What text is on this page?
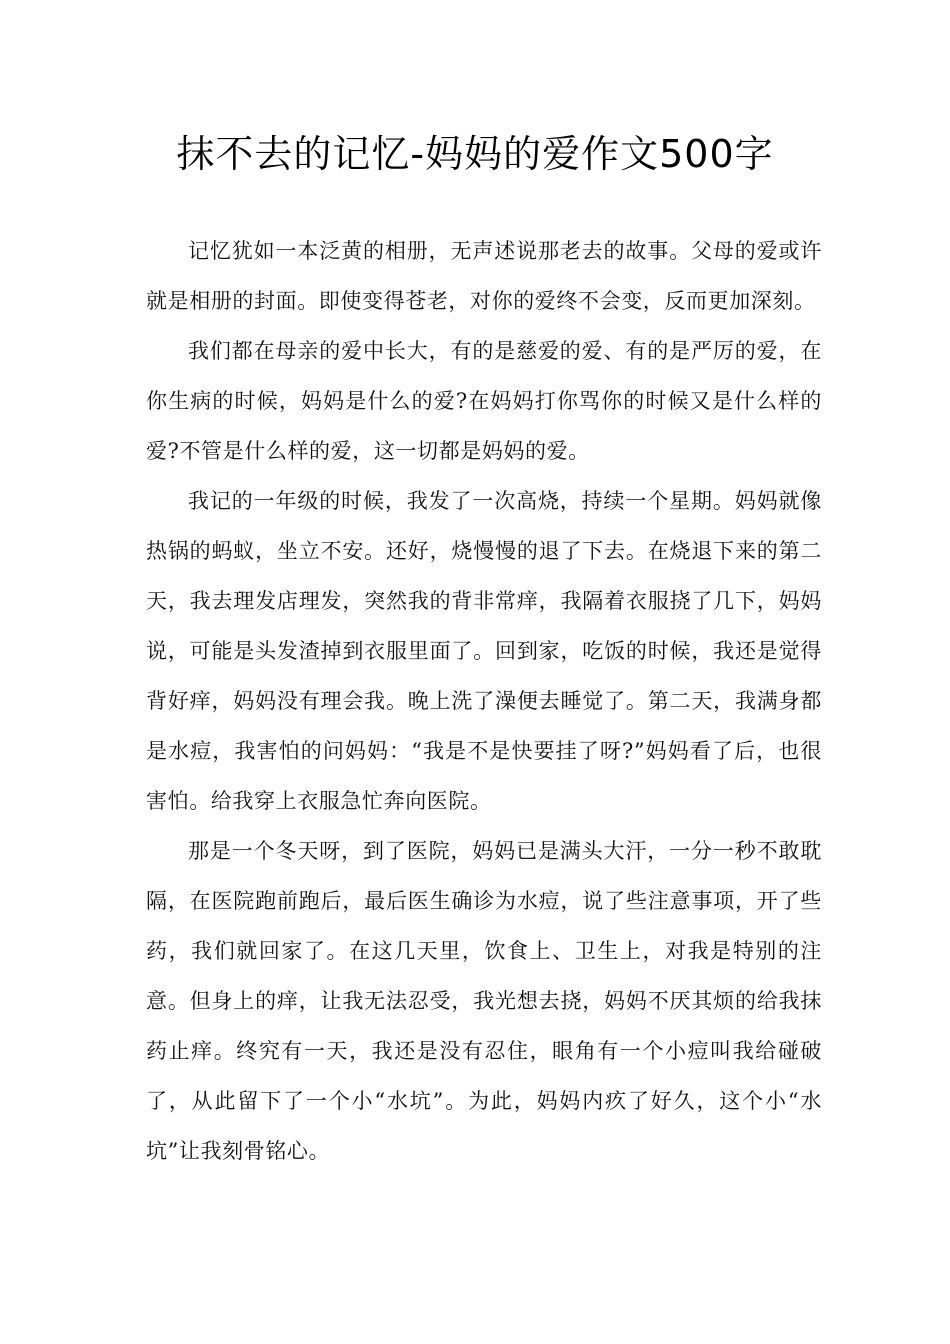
抹不去的记忆-妈妈的爱作文500字

记忆犹如一本泛黄的相册，无声述说那老去的故事。父母的爱或许就是相册的封面。即使变得苍老，对你的爱终不会变，反而更加深刻。

我们都在母亲的爱中长大，有的是慈爱的爱、有的是严厉的爱，在你生病的时候，妈妈是什么的爱?在妈妈打你骂你的时候又是什么样的爱?不管是什么样的爱，这一切都是妈妈的爱。

我记的一年级的时候，我发了一次高烧，持续一个星期。妈妈就像热锅的蚂蚁，坐立不安。还好，烧慢慢的退了下去。在烧退下来的第二天，我去理发店理发，突然我的背非常痒，我隔着衣服挠了几下，妈妈说，可能是头发渣掉到衣服里面了。回到家，吃饭的时候，我还是觉得背好痒，妈妈没有理会我。晚上洗了澡便去睡觉了。第二天，我满身都是水痘，我害怕的问妈妈：“我是不是快要挂了呀?”妈妈看了后，也很害怕。给我穿上衣服急忙奔向医院。

那是一个冬天呀，到了医院，妈妈已是满头大汗，一分一秒不敢耽隔，在医院跑前跑后，最后医生确诊为水痘，说了些注意事项，开了些药，我们就回家了。在这几天里，饮食上、卫生上，对我是特别的注意。但身上的痒，让我无法忍受，我光想去挠，妈妈不厌其烦的给我抹药止痒。终究有一天，我还是没有忍住，眼角有一个小痘叫我给碰破了，从此留下了一个小“水坑”。为此，妈妈内疚了好久，这个小“水坑”让我刻骨铭心。
